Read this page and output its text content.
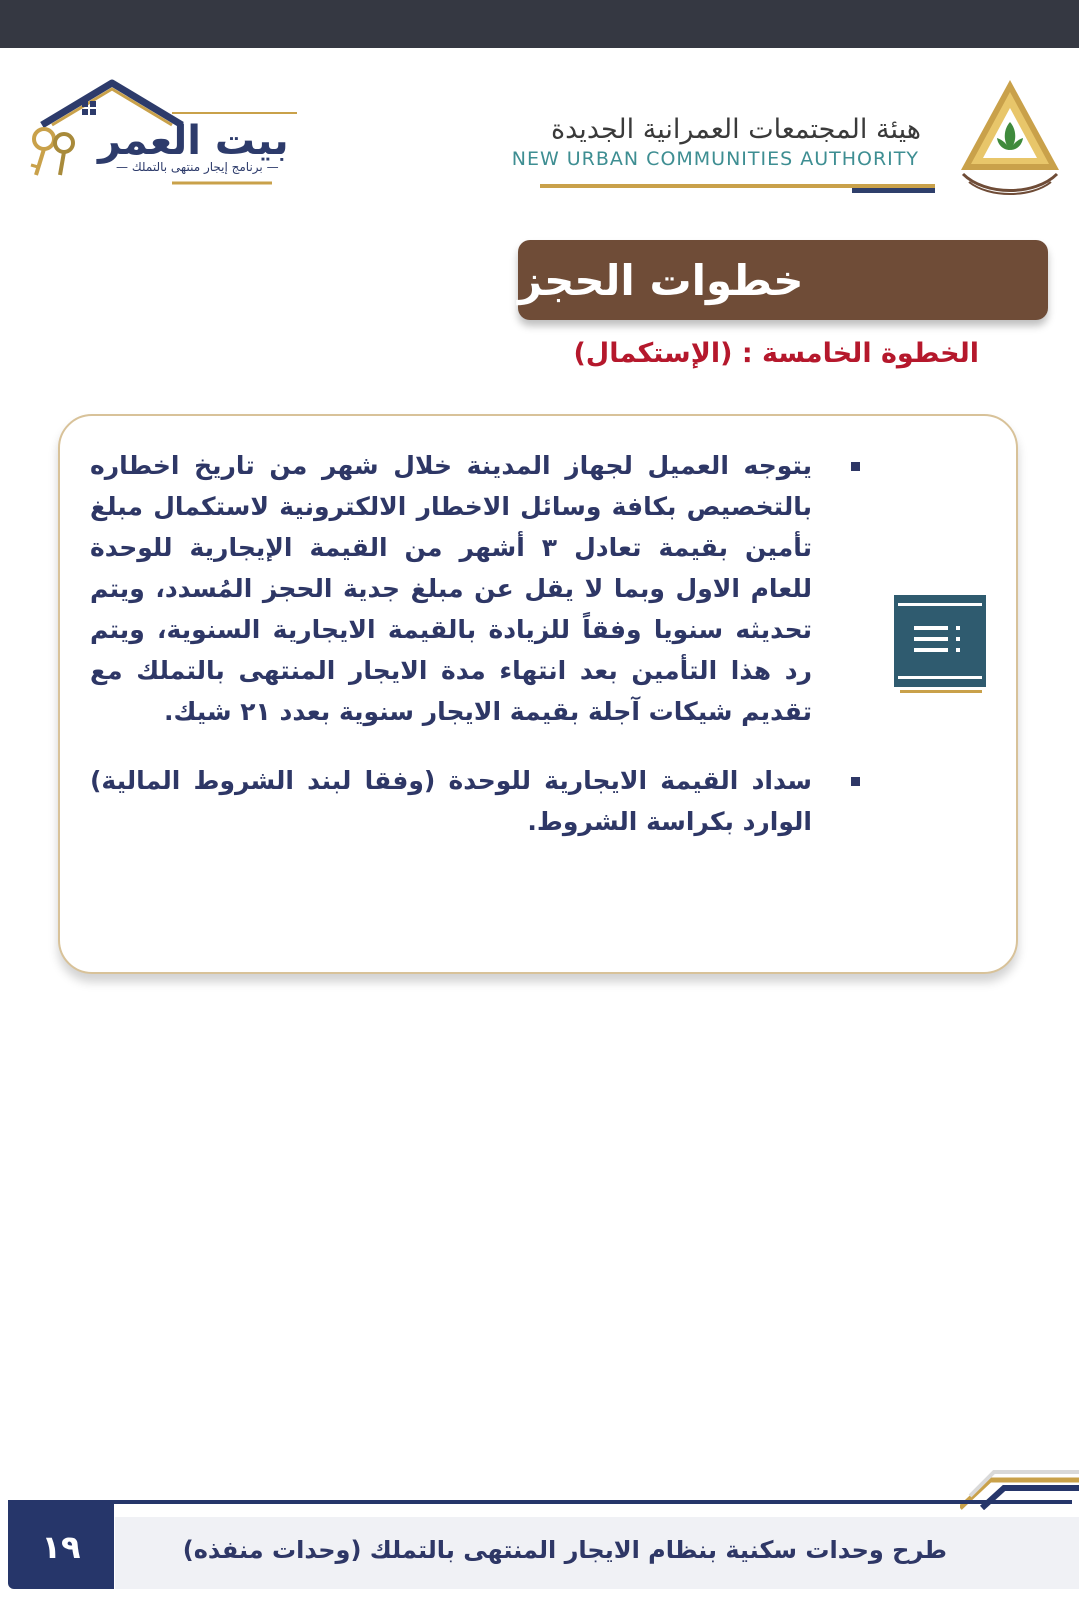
هيئة المجتمعات العمرانية الجديدة
NEW URBAN COMMUNITIES AUTHORITY
بيت العمر
— برنامج إيجار منتهى بالتملك —
خطوات الحجز
الخطوة الخامسة : (الإستكمال)
يتوجه العميل لجهاز المدينة خلال شهر من تاريخ اخطاره بالتخصيص بكافة وسائل الاخطار الالكترونية لاستكمال مبلغ تأمين بقيمة تعادل ٣ أشهر من القيمة الإيجارية للوحدة للعام الاول وبما لا يقل عن مبلغ جدية الحجز المُسدد، ويتم تحديثه سنويا وفقاً للزيادة بالقيمة الايجارية السنوية، ويتم رد هذا التأمين بعد انتهاء مدة الايجار المنتهى بالتملك مع تقديم شيكات آجلة بقيمة الايجار سنوية بعدد ٢١ شيك.
سداد القيمة الايجارية للوحدة (وفقا لبند الشروط المالية) الوارد بكراسة الشروط.
طرح وحدات سكنية بنظام الايجار المنتهى بالتملك (وحدات منفذه)
١٩
